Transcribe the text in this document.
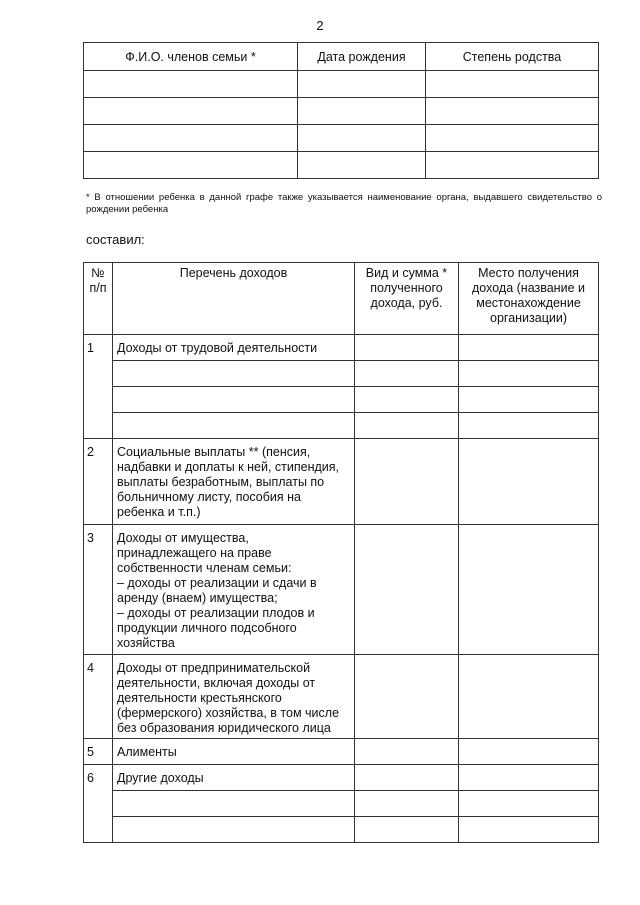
2
Ф.И.О. членов семьи *	Дата рождения	Степень родства

* В отношении ребенка в данной графе также указывается наименование органа, выдавшего свидетельство о рождении ребенка
составил:
№ п/п	Перечень доходов	Вид и сумма * полученного дохода, руб.	Место получения дохода (название и местонахождение организации)
1	Доходы от трудовой деятельности		

2	Социальные выплаты ** (пенсия, надбавки и доплаты к ней, стипендия, выплаты безработным, выплаты по больничному листу, пособия на ребенка и т.п.)		
3	Доходы от имущества, принадлежащего на праве собственности членам семьи:
– доходы от реализации и сдачи в аренду (внаем) имущества;
– доходы от реализации плодов и продукции личного подсобного хозяйства		
4	Доходы от предпринимательской деятельности, включая доходы от деятельности крестьянского (фермерского) хозяйства, в том числе без образования юридического лица		
5	Алименты		
6	Другие доходы		
